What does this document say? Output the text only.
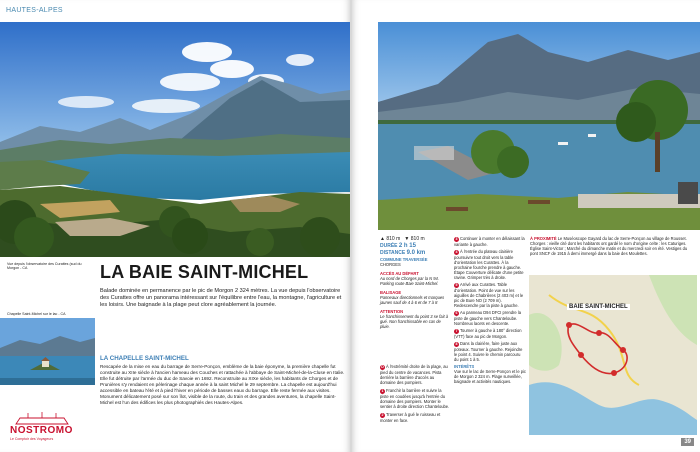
HAUTES-ALPES
Vue depuis l'observatoire des Curattes (sud du Morgon - CA
Chapelle Saint-Michel sur le lac - CA
LA BAIE SAINT-MICHEL
Balade dominée en permanence par le pic de Morgon 2 324 mètres. La vue depuis l'observatoire des Curattes offre un panorama intéressant sur l'équilibre entre l'eau, la montagne, l'agriculture et les loisirs. Une baignade à la plage peut clore agréablement la journée.
LA CHAPELLE SAINT-MICHEL
Rescapée de la mise en eau du barrage de Serre-Ponçon, emblème de la baie éponyme, la première chapelle fut construite au XIIe siècle à l'ancien hameau des Couches et rattachée à l'abbaye de Saint-Michel-de-la-Cluse en Italie. Elle fut détruite par l'armée du duc de Savoie en 1692. Reconstruite au XIXe siècle, les habitants de Chorges et de Prunières s'y rendaient en pèlerinage chaque année à la saint Michel le 29 septembre. La chapelle est aujourd'hui accessible en bateau l'été et à pied l'hiver en période de basses eaux du barrage. Elle reste fermée aux visites. Monument délicatement posé sur son îlot, visible de la route, du train et des grandes aventures, la chapelle Saint-Michel est l'un des édifices les plus photographiés des Hautes-Alpes.
NOSTROMO
Le Comptoir des Voyageurs
▲ 810 m ▼ 810 m
DURÉE 2 h 15
DISTANCE 9.0 km
COMMUNE TRAVERSÉE
CHORGES
ACCÈS AU DÉPART
Au nord de Chorges par la N 94. Parking route Baie Saint-Michel.
BALISAGE
Panneaux directionnels et marques jaunes sauf de 4 à 6 et de 7 à 8
ATTENTION
Le franchissement du point 3 se fait à gué. Non franchissable en cas de pluie.
D À l'extrémité droite de la plage, au pied du centre de vacances. Pista derrière la barrière d'accès au domaine des pompiers.
1 Franchir la barrière et suivre la piste en coudées jusqu'à l'entrée du domaine des pompiers. Monter le sentier à droite direction Chanteloube.
2 Traverser à gué le ruisseau et monter en face.
3 Continuer à monter en délaissant la variante à gauche.
4 À l'entrée du plateau clairière poursuivre tout droit vers la table d'orientation les Curattes. À la prochaine fourche prendre à gauche. Étape Couverture délicate d'une petite ravine. Grimper très à droite.
5 Arrivé aux Curattes. Table d'orientation. Point de vue sur les aiguilles de Chabrières (2 403 m) et le pic de Bure NO (2 709 m). Redescendre par la piste à gauche.
6 Au panneau D94 DFCI prendre la piste de gauche vers Chanteloube. Nombreux lacets en descente.
7 Tourner à gauche à 180° direction (VTT) face au pic de Morgon.
8 Dans la clairière, faire juste aux poteaux. Tourner à gauche. Rejoindre le point 4. Suivre le chemin parcouru du point 1 à 5.
INTÉRÊTS
Vue sur le lac de Serre-Ponçon et le pic de Morgon 2 324 m. Plage surveillée, baignade et activités nautiques.
À PROXIMITÉ Le Muséoscope Gayard du lac de Serre-Ponçon au village de Rousset. Chorges : vieille cité dont les habitants ont gardé le nom d'origine celte : les Caturiges. Église Saint-Victor ; Marché du dimanche matin et du mercredi soir en été. Vestiges du pont SNCF de 1915 à demi immergé dans la baie des Moulettes.
BAIE SAINT-MICHEL
39
